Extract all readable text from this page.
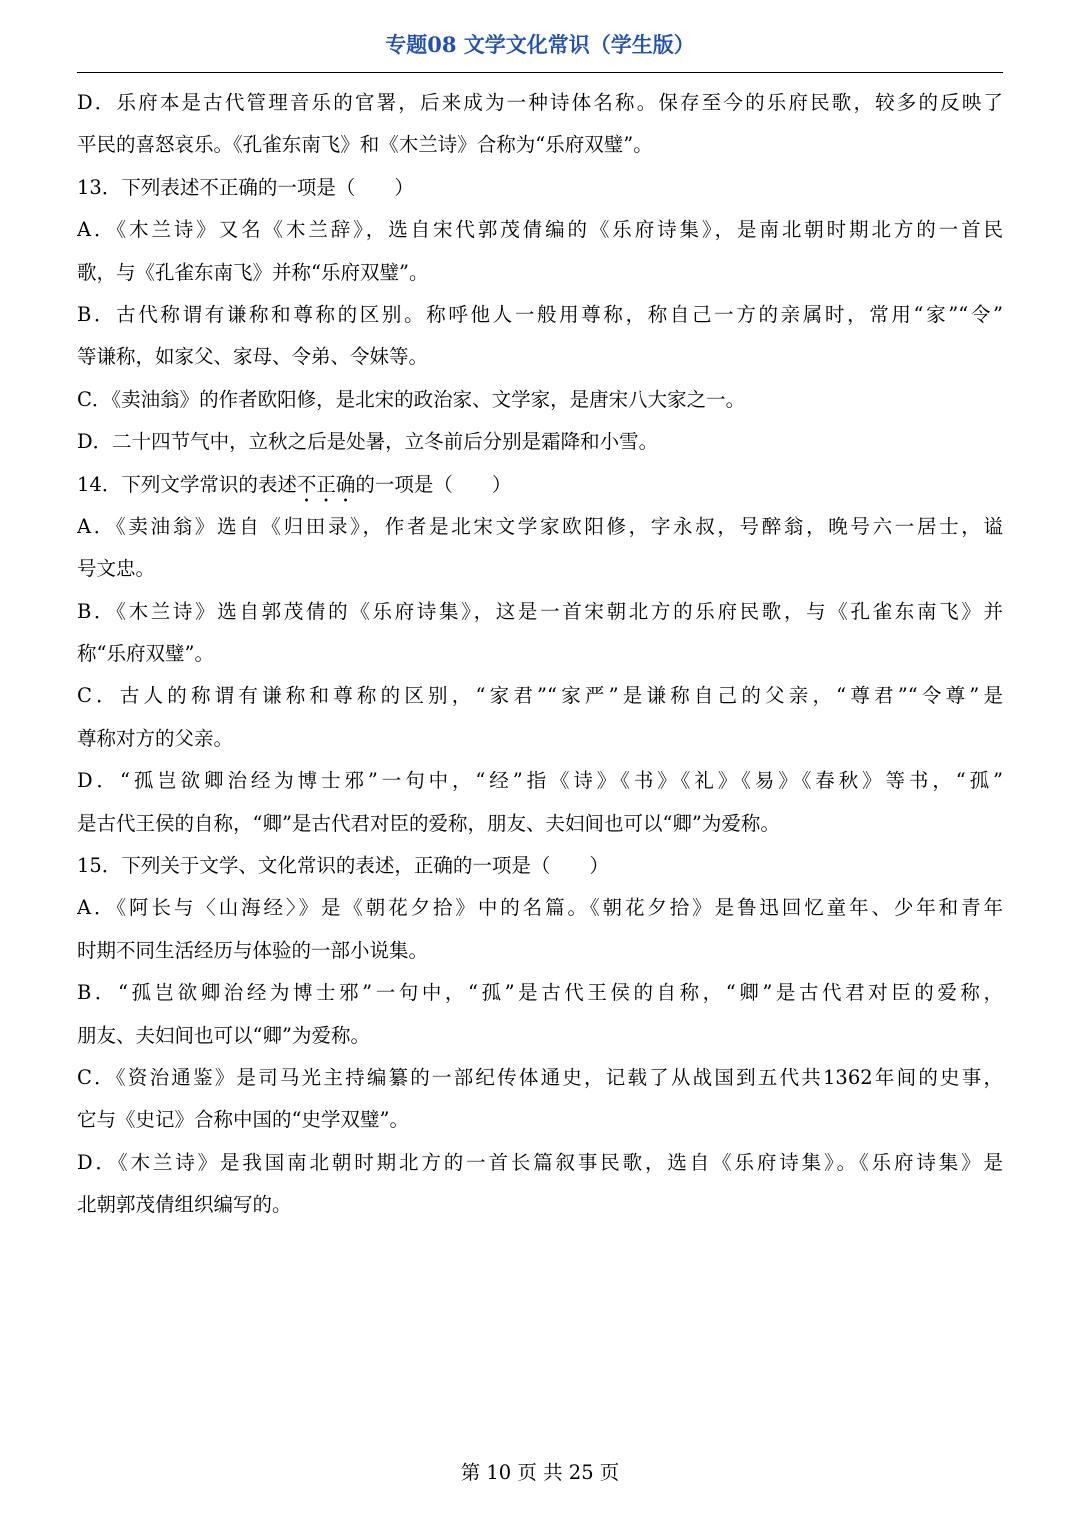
专题08 文学文化常识（学生版）
D．乐府本是古代管理音乐的官署，后来成为一种诗体名称。保存至今的乐府民歌，较多的反映了
平民的喜怒哀乐。《孔雀东南飞》和《木兰诗》合称为“乐府双璧”。
13．下列表述不正确的一项是（　　）
A．《木兰诗》又名《木兰辞》，选自宋代郭茂倩编的《乐府诗集》，是南北朝时期北方的一首民
歌，与《孔雀东南飞》并称“乐府双璧”。
B．古代称谓有谦称和尊称的区别。称呼他人一般用尊称，称自己一方的亲属时，常用“家”“令”
等谦称，如家父、家母、令弟、令妹等。
C．《卖油翁》的作者欧阳修，是北宋的政治家、文学家，是唐宋八大家之一。
D．二十四节气中，立秋之后是处暑，立冬前后分别是霜降和小雪。
14．下列文学常识的表述不正确的一项是（　　）
A．《卖油翁》选自《归田录》，作者是北宋文学家欧阳修，字永叔，号醉翁，晚号六一居士，谥
号文忠。
B．《木兰诗》选自郭茂倩的《乐府诗集》，这是一首宋朝北方的乐府民歌，与《孔雀东南飞》并
称“乐府双璧”。
C．古人的称谓有谦称和尊称的区别，“家君”“家严”是谦称自己的父亲，“尊君”“令尊”是
尊称对方的父亲。
D．“孤岂欲卿治经为博士邪”一句中，“经”指《诗》《书》《礼》《易》《春秋》等书，“孤”
是古代王侯的自称，“卿”是古代君对臣的爱称，朋友、夫妇间也可以“卿”为爱称。
15．下列关于文学、文化常识的表述，正确的一项是（　　）
A．《阿长与〈山海经〉》是《朝花夕拾》中的名篇。《朝花夕拾》是鲁迅回忆童年、少年和青年
时期不同生活经历与体验的一部小说集。
B．“孤岂欲卿治经为博士邪”一句中，“孤”是古代王侯的自称，“卿”是古代君对臣的爱称，
朋友、夫妇间也可以“卿”为爱称。
C．《资治通鉴》是司马光主持编纂的一部纪传体通史，记载了从战国到五代共1362年间的史事，
它与《史记》合称中国的“史学双璧”。
D．《木兰诗》是我国南北朝时期北方的一首长篇叙事民歌，选自《乐府诗集》。《乐府诗集》是
北朝郭茂倩组织编写的。
第 10 页 共 25 页
